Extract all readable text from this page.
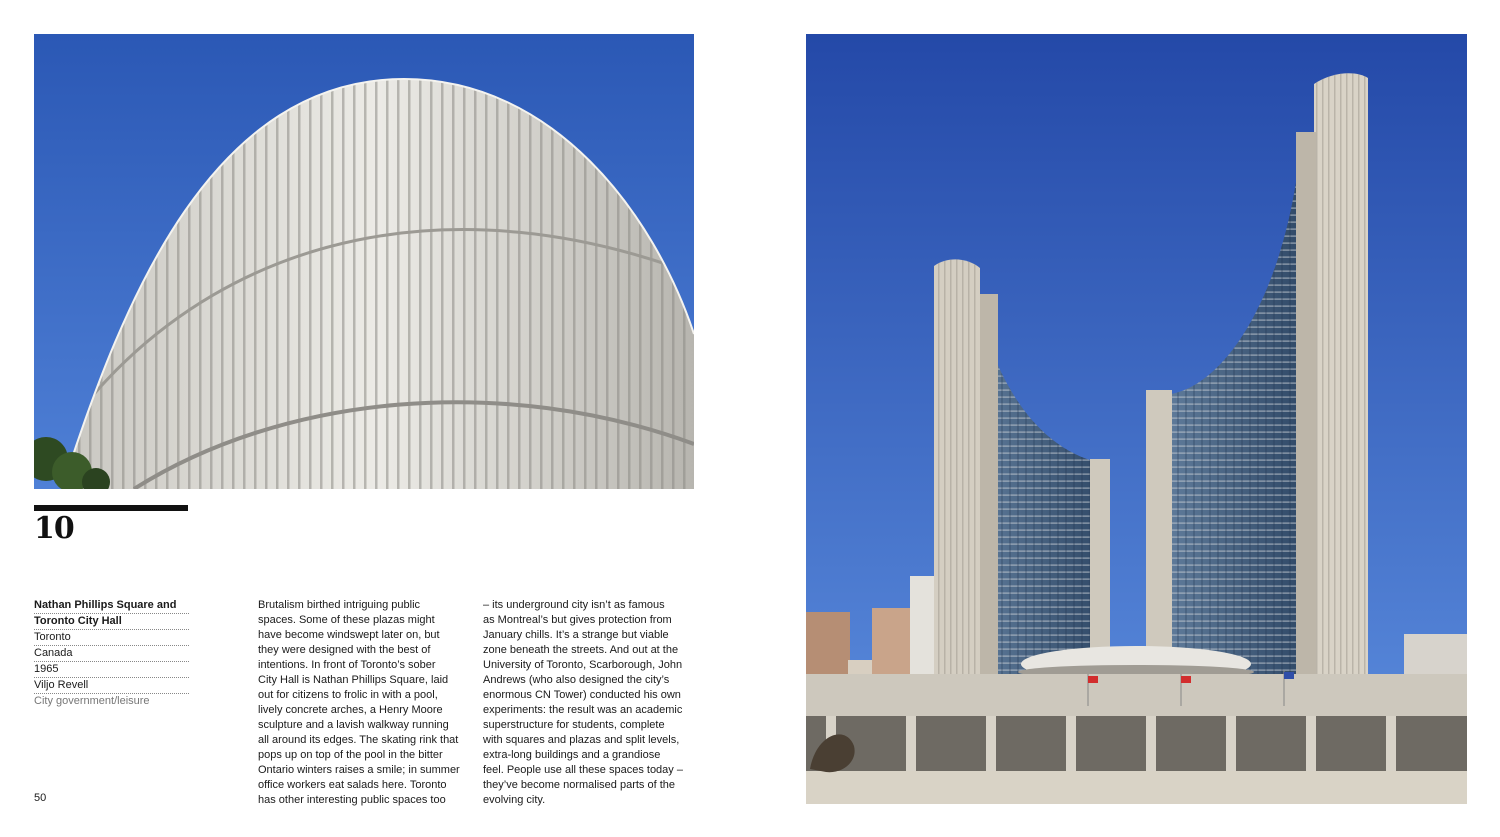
10
Nathan Phillips Square and
Toronto City Hall
Toronto
Canada
1965
Viljo Revell
City government/leisure
Brutalism birthed intriguing public
spaces. Some of these plazas might
have become windswept later on, but
they were designed with the best of
intentions. In front of Toronto’s sober
City Hall is Nathan Phillips Square, laid
out for citizens to frolic in with a pool,
lively concrete arches, a Henry Moore
sculpture and a lavish walkway running
all around its edges. The skating rink that
pops up on top of the pool in the bitter
Ontario winters raises a smile; in summer
office workers eat salads here. Toronto
has other interesting public spaces too
– its underground city isn’t as famous
as Montreal’s but gives protection from
January chills. It’s a strange but viable
zone beneath the streets. And out at the
University of Toronto, Scarborough, John
Andrews (who also designed the city’s
enormous CN Tower) conducted his own
experiments: the result was an academic
superstructure for students, complete
with squares and plazas and split levels,
extra-long buildings and a grandiose
feel. People use all these spaces today –
they’ve become normalised parts of the
evolving city.
50
